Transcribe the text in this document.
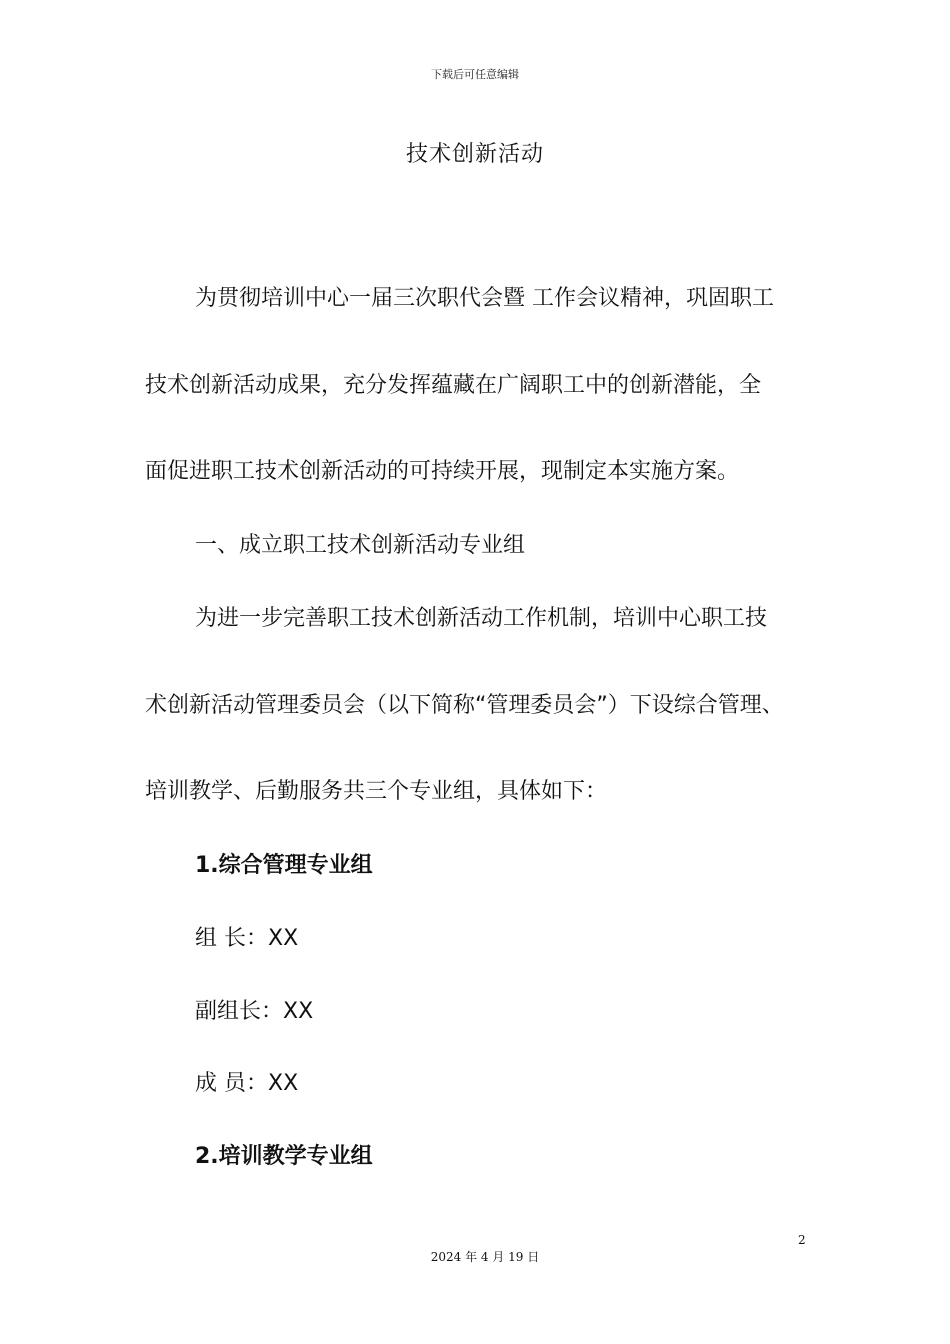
下载后可任意编辑
技术创新活动
为贯彻培训中心一届三次职代会暨 工作会议精神，巩固职工
技术创新活动成果，充分发挥蕴藏在广阔职工中的创新潜能，全
面促进职工技术创新活动的可持续开展，现制定本实施方案。
一、成立职工技术创新活动专业组
为进一步完善职工技术创新活动工作机制，培训中心职工技
术创新活动管理委员会（以下简称“管理委员会”）下设综合管理、
培训教学、后勤服务共三个专业组，具体如下：
1.综合管理专业组
组 长：XX
副组长：XX
成 员：XX
2.培训教学专业组
2
2024 年 4 月 19 日
